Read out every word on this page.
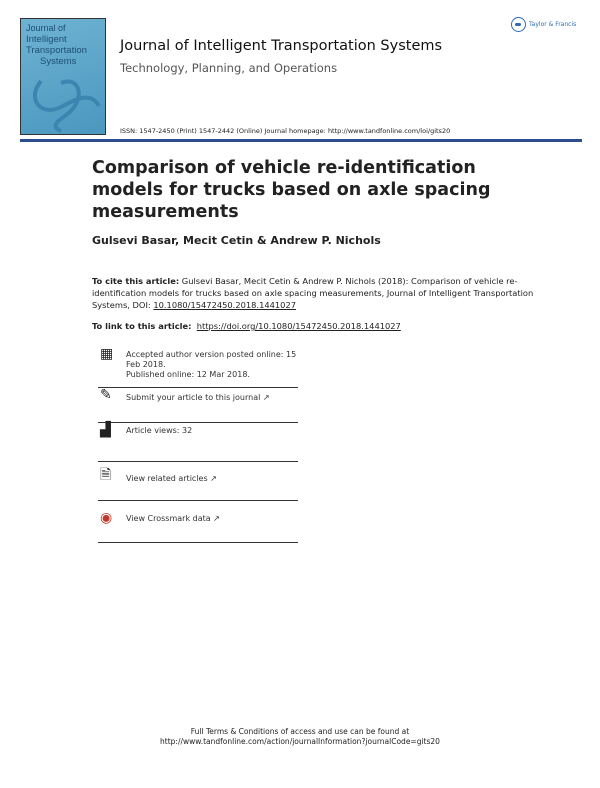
Journal of
Intelligent
Transportation
Systems
Taylor & Francis
Journal of Intelligent Transportation Systems
Technology, Planning, and Operations
ISSN: 1547-2450 (Print) 1547-2442 (Online) Journal homepage: http://www.tandfonline.com/loi/gits20
Comparison of vehicle re-identification models for trucks based on axle spacing measurements
Gulsevi Basar, Mecit Cetin & Andrew P. Nichols
To cite this article: Gulsevi Basar, Mecit Cetin & Andrew P. Nichols (2018): Comparison of vehicle re-identification models for trucks based on axle spacing measurements, Journal of Intelligent Transportation Systems, DOI: 10.1080/15472450.2018.1441027
To link to this article: https://doi.org/10.1080/15472450.2018.1441027
▦	Accepted author version posted online: 15 Feb 2018.
Published online: 12 Mar 2018.
✎	Submit your article to this journal ↗
▟	Article views: 32
🗎	View related articles ↗
◉	View Crossmark data ↗
Full Terms & Conditions of access and use can be found at
http://www.tandfonline.com/action/journalInformation?journalCode=gits20
